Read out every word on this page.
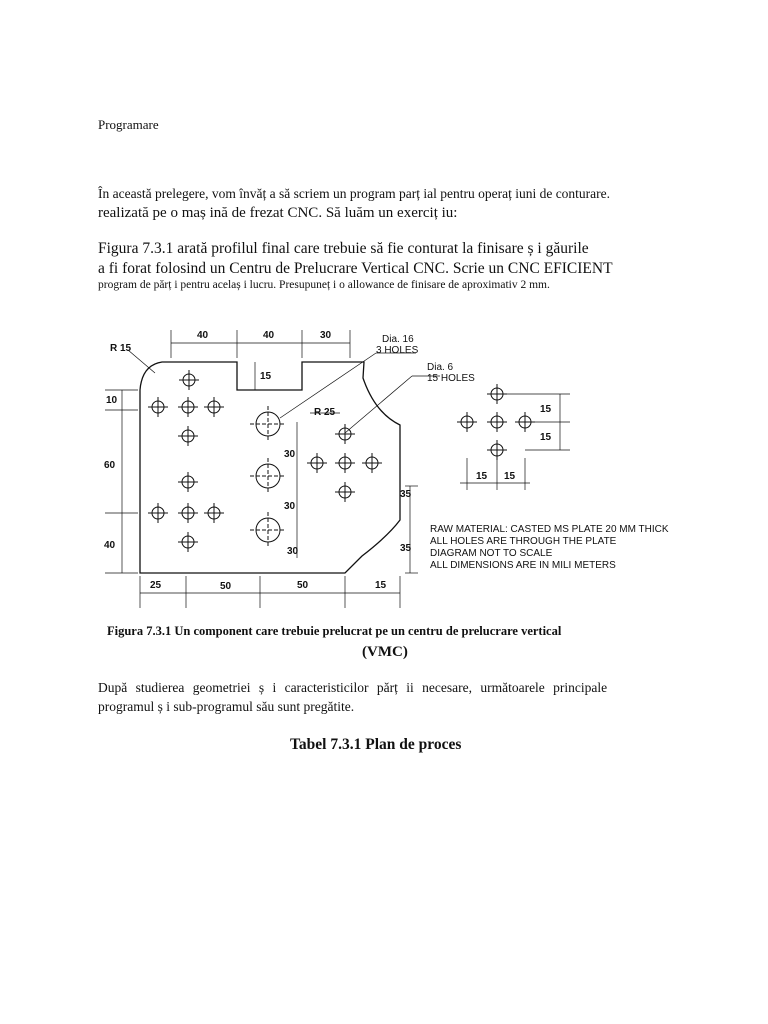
Programare
În această prelegere, vom învăț a să scriem un program parț ial pentru operaț iuni de conturare.
realizată pe o maș ină de frezat CNC. Să luăm un exerciț iu:
Figura 7.3.1 arată profilul final care trebuie să fie conturat la finisare ș i găurile
a fi forat folosind un Centru de Prelucrare Vertical CNC. Scrie un CNC EFICIENT
program de părț i pentru acelaș i lucru. Presupuneț i o allowance de finisare de aproximativ 2 mm.
40	40	30
15
R 15
R 25
10
60
40
25	50	50	15
30
30
30
35
35
Dia. 16
3 HOLES
Dia. 6
15 HOLES
15
15
15 15
RAW MATERIAL: CASTED MS PLATE 20 MM THICK
ALL HOLES ARE THROUGH THE PLATE
DIAGRAM NOT TO SCALE
ALL DIMENSIONS ARE IN MILI METERS
Figura 7.3.1 Un component care trebuie prelucrat pe un centru de prelucrare vertical
(VMC)
După studierea geometriei ș i caracteristicilor părț ii necesare, următoarele principale
programul ș i sub-programul său sunt pregătite.
Tabel 7.3.1 Plan de proces
